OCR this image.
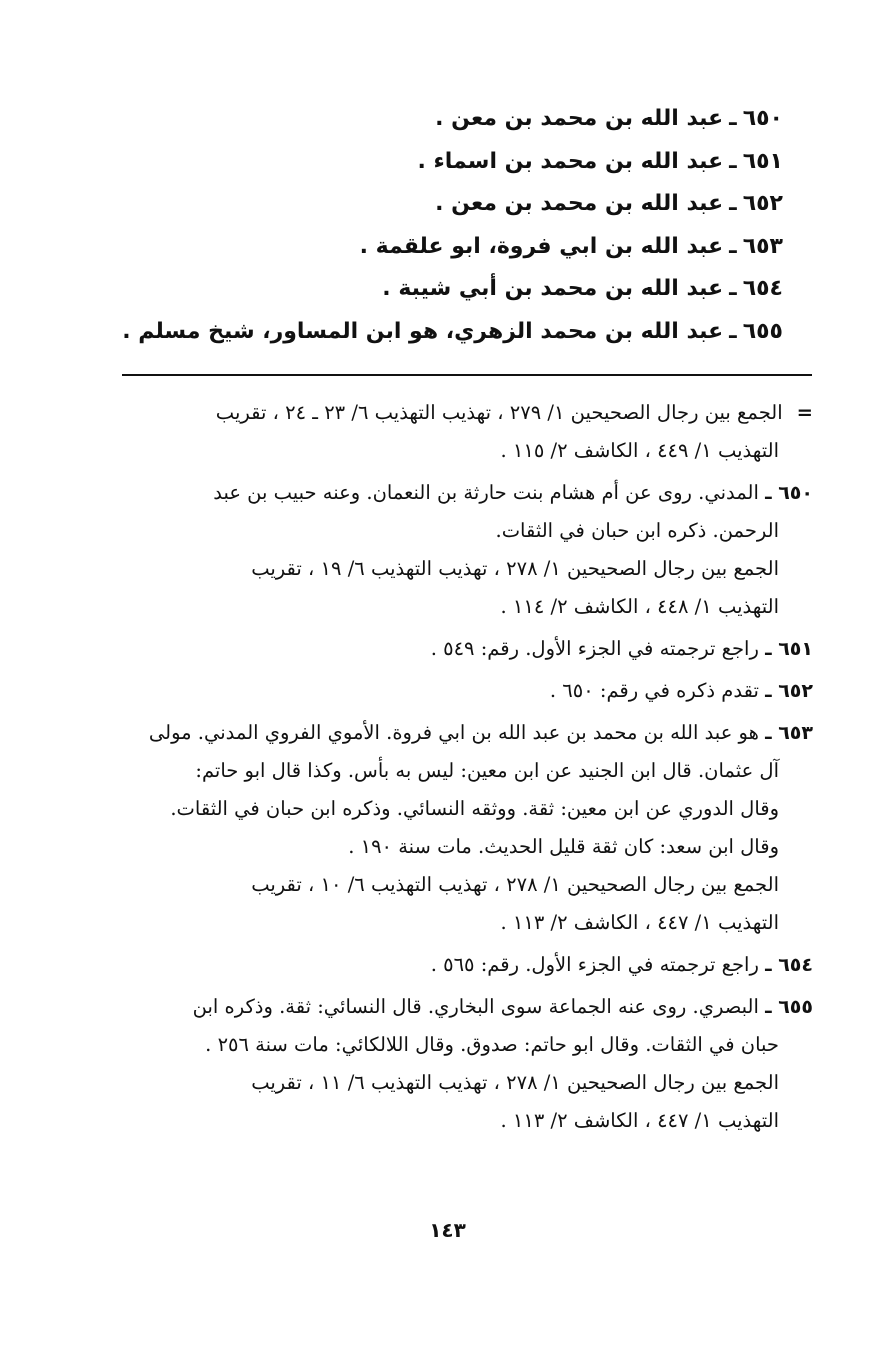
٦٥٠
ـ
عبد الله بن محمد بن معن .
٦٥١
ـ
عبد الله بن محمد بن اسماء .
٦٥٢
ـ
عبد الله بن محمد بن معن .
٦٥٣
ـ
عبد الله بن ابي فروة، ابو علقمة .
٦٥٤
ـ
عبد الله بن محمد بن أبي شيبة .
٦٥٥
ـ
عبد الله بن محمد الزهري، هو ابن المساور، شيخ مسلم .
=الجمع بين رجال الصحيحين ١/ ٢٧٩ ، تهذيب التهذيب ٦/ ٢٣ ـ ٢٤ ، تقريب
التهذيب ١/ ٤٤٩ ، الكاشف ٢/ ١١٥ .
٦٥٠ ـ المدني. روى عن أم هشام بنت حارثة بن النعمان. وعنه حبيب بن عبد
الرحمن. ذكره ابن حبان في الثقات.
الجمع بين رجال الصحيحين ١/ ٢٧٨ ، تهذيب التهذيب ٦/ ١٩ ، تقريب
التهذيب ١/ ٤٤٨ ، الكاشف ٢/ ١١٤ .
٦٥١ ـ راجع ترجمته في الجزء الأول. رقم: ٥٤٩ .
٦٥٢ ـ تقدم ذكره في رقم: ٦٥٠ .
٦٥٣ ـ هو عبد الله بن محمد بن عبد الله بن ابي فروة. الأموي الفروي المدني. مولى
آل عثمان. قال ابن الجنيد عن ابن معين: ليس به بأس. وكذا قال ابو حاتم:
وقال الدوري عن ابن معين: ثقة. ووثقه النسائي. وذكره ابن حبان في الثقات.
وقال ابن سعد: كان ثقة قليل الحديث. مات سنة ١٩٠ .
الجمع بين رجال الصحيحين ١/ ٢٧٨ ، تهذيب التهذيب ٦/ ١٠ ، تقريب
التهذيب ١/ ٤٤٧ ، الكاشف ٢/ ١١٣ .
٦٥٤ ـ راجع ترجمته في الجزء الأول. رقم: ٥٦٥ .
٦٥٥ ـ البصري. روى عنه الجماعة سوى البخاري. قال النسائي: ثقة. وذكره ابن
حبان في الثقات. وقال ابو حاتم: صدوق. وقال اللالكائي: مات سنة ٢٥٦ .
الجمع بين رجال الصحيحين ١/ ٢٧٨ ، تهذيب التهذيب ٦/ ١١ ، تقريب
التهذيب ١/ ٤٤٧ ، الكاشف ٢/ ١١٣ .
١٤٣
